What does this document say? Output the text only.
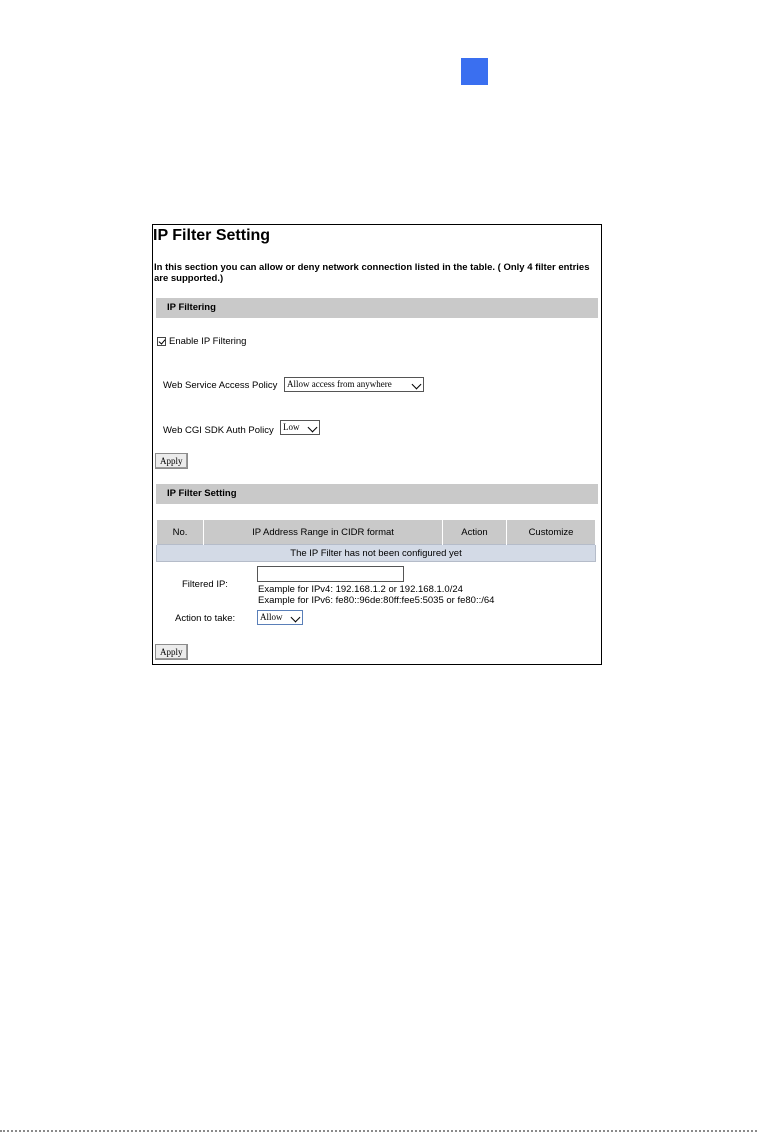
IP Filter Setting
In this section you can allow or deny network connection listed in the table. ( Only 4 filter entries are supported.)
IP Filtering
Enable IP Filtering
Web Service Access Policy	Allow access from anywhere
Web CGI SDK Auth Policy	Low
Apply
IP Filter Setting
No.	IP Address Range in CIDR format	Action	Customize
The IP Filter has not been configured yet
Filtered IP:	Example for IPv4: 192.168.1.2 or 192.168.1.0/24
Example for IPv6: fe80::96de:80ff:fee5:5035 or fe80::/64
Action to take:	Allow
Apply
